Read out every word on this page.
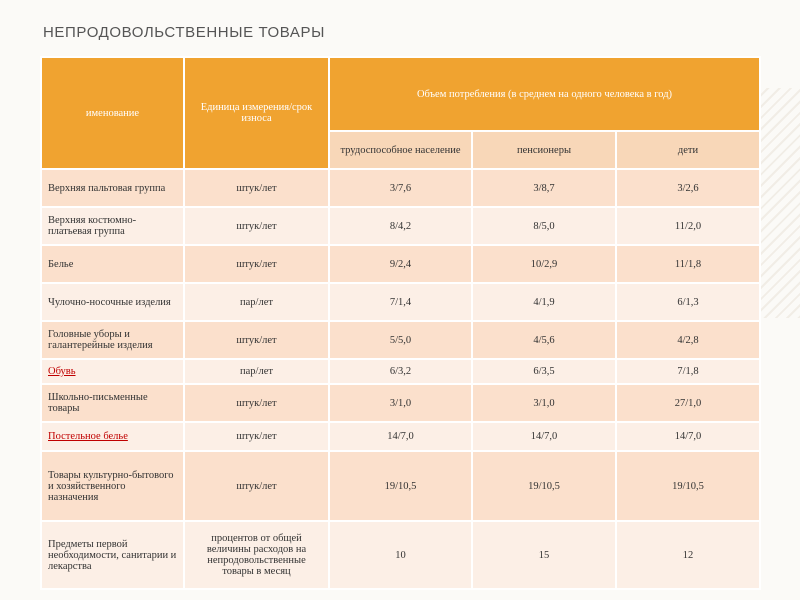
НЕПРОДОВОЛЬСТВЕННЫЕ ТОВАРЫ
именование	Единица измерения/срок износа	Объем потребления (в среднем на одного человека в год)		
		трудоспособное население	пенсионеры	дети
Верхняя пальтовая группа	штук/лет	3/7,6	3/8,7	3/2,6
Верхняя костюмно-платьевая группа	штук/лет	8/4,2	8/5,0	11/2,0
Белье	штук/лет	9/2,4	10/2,9	11/1,8
Чулочно-носочные изделия	пар/лет	7/1,4	4/1,9	6/1,3
Головные уборы и галантерейные изделия	штук/лет	5/5,0	4/5,6	4/2,8
Обувь	пар/лет	6/3,2	6/3,5	7/1,8
Школьно-письменные товары	штук/лет	3/1,0	3/1,0	27/1,0
Постельное белье	штук/лет	14/7,0	14/7,0	14/7,0
Товары культурно-бытового и хозяйственного назначения	штук/лет	19/10,5	19/10,5	19/10,5
Предметы первой необходимости, санитарии и лекарства	процентов от общей величины расходов на непродовольственные товары в месяц	10	15	12
